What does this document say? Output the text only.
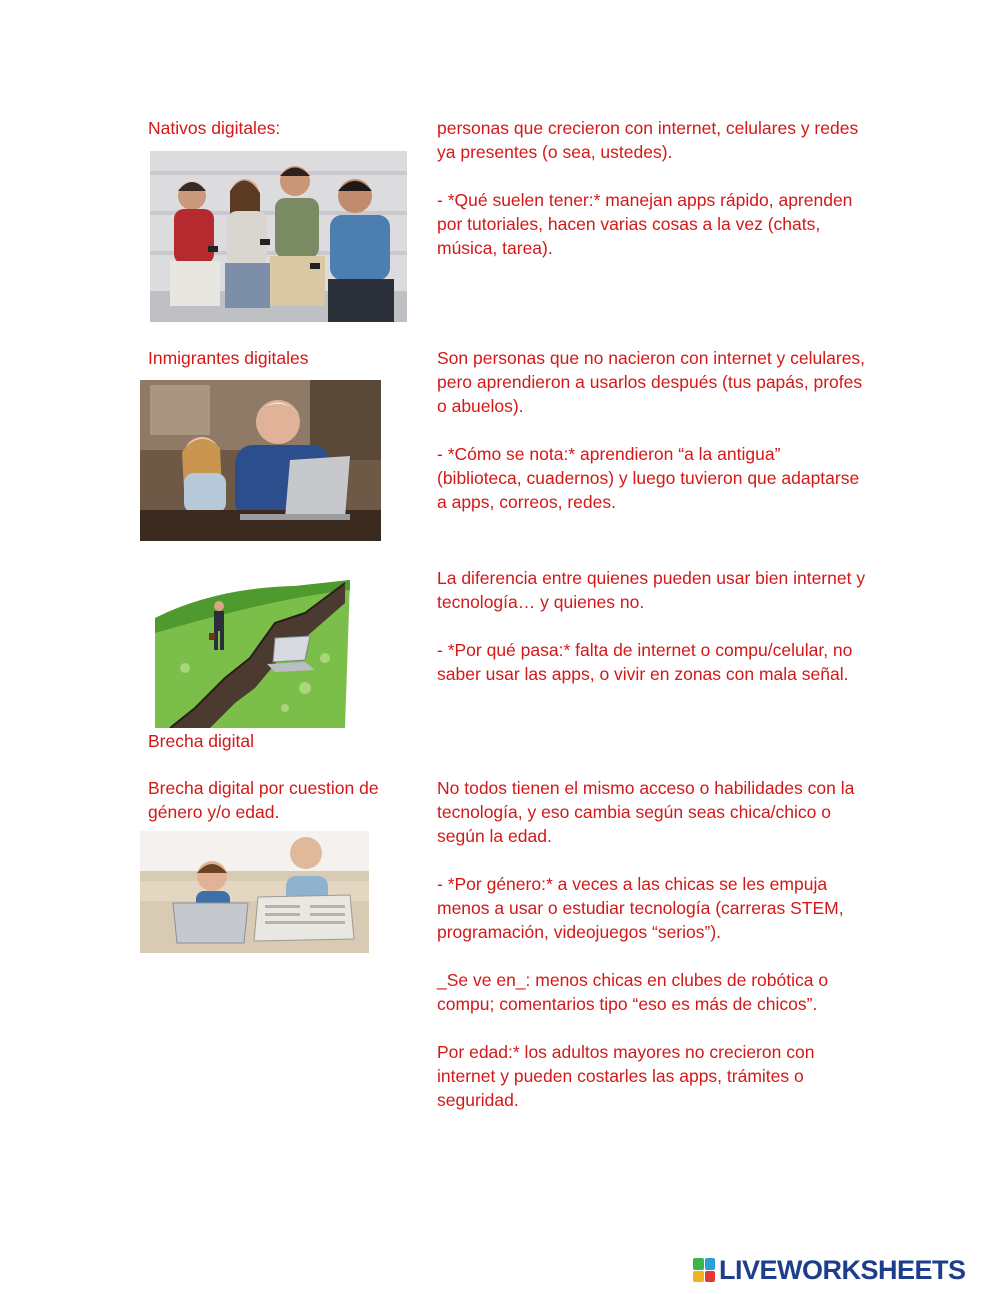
Nativos digitales:	personas que crecieron con internet, celulares y redes
ya presentes (o sea, ustedes).

- *Qué suelen tener:* manejan apps rápido, aprenden
por tutoriales, hacen varias cosas a la vez (chats,
música, tarea).
Inmigrantes digitales	Son personas que no nacieron con internet y celulares,
pero aprendieron a usarlos después (tus papás, profes
o abuelos).

- *Cómo se nota:* aprendieron “a la antigua”
(biblioteca, cuadernos) y luego tuvieron que adaptarse
a apps, correos, redes.
La diferencia entre quienes pueden usar bien internet y
tecnología… y quienes no.

- *Por qué pasa:* falta de internet o compu/celular, no
saber usar las apps, o vivir en zonas con mala señal.
Brecha digital
Brecha digital por cuestion de
género y/o edad.
No todos tienen el mismo acceso o habilidades con la
tecnología, y eso cambia según seas chica/chico o
según la edad.

- *Por género:* a veces a las chicas se les empuja
menos a usar o estudiar tecnología (carreras STEM,
programación, videojuegos “serios”).

_Se ve en_: menos chicas en clubes de robótica o
compu; comentarios tipo “eso es más de chicos”.

Por edad:* los adultos mayores no crecieron con
internet y pueden costarles las apps, trámites o
seguridad.
LIVEWORKSHEETS
